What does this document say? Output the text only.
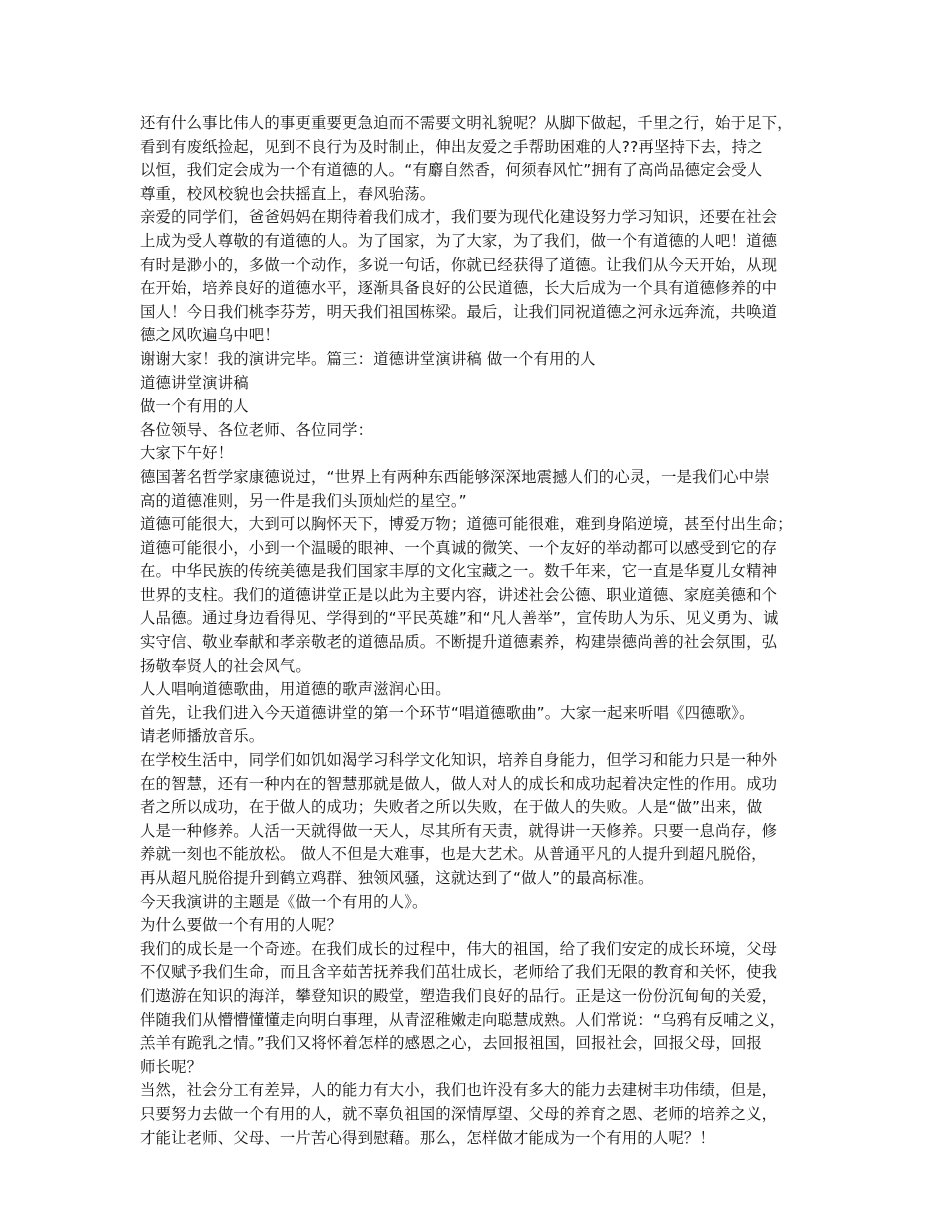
还有什么事比伟人的事更重要更急迫而不需要文明礼貌呢？从脚下做起，千里之行，始于足下，
看到有废纸捡起，见到不良行为及时制止，伸出友爱之手帮助困难的人??再坚持下去，持之
以恒，我们定会成为一个有道德的人。“有麝自然香，何须春风忙”拥有了高尚品德定会受人
尊重，校风校貌也会扶摇直上，春风骀荡。
亲爱的同学们，爸爸妈妈在期待着我们成才，我们要为现代化建设努力学习知识，还要在社会
上成为受人尊敬的有道德的人。为了国家，为了大家，为了我们，做一个有道德的人吧！道德
有时是渺小的，多做一个动作，多说一句话，你就已经获得了道德。让我们从今天开始，从现
在开始，培养良好的道德水平，逐渐具备良好的公民道德，长大后成为一个具有道德修养的中
国人！今日我们桃李芬芳，明天我们祖国栋梁。最后，让我们同祝道德之河永远奔流，共唤道
德之风吹遍乌中吧！
谢谢大家！我的演讲完毕。篇三：道德讲堂演讲稿 做一个有用的人
道德讲堂演讲稿
做一个有用的人
各位领导、各位老师、各位同学：
大家下午好！
德国著名哲学家康德说过，“世界上有两种东西能够深深地震撼人们的心灵，一是我们心中崇
高的道德准则，另一件是我们头顶灿烂的星空。”
道德可能很大，大到可以胸怀天下，博爱万物；道德可能很难，难到身陷逆境，甚至付出生命；
道德可能很小，小到一个温暖的眼神、一个真诚的微笑、一个友好的举动都可以感受到它的存
在。中华民族的传统美德是我们国家丰厚的文化宝藏之一。数千年来，它一直是华夏儿女精神
世界的支柱。我们的道德讲堂正是以此为主要内容，讲述社会公德、职业道德、家庭美德和个
人品德。通过身边看得见、学得到的“平民英雄”和“凡人善举”，宣传助人为乐、见义勇为、诚
实守信、敬业奉献和孝亲敬老的道德品质。不断提升道德素养，构建崇德尚善的社会氛围，弘
扬敬奉贤人的社会风气。
人人唱响道德歌曲，用道德的歌声滋润心田。
首先，让我们进入今天道德讲堂的第一个环节“唱道德歌曲”。大家一起来听唱《四德歌》。
请老师播放音乐。
在学校生活中，同学们如饥如渴学习科学文化知识，培养自身能力，但学习和能力只是一种外
在的智慧，还有一种内在的智慧那就是做人，做人对人的成长和成功起着决定性的作用。成功
者之所以成功，在于做人的成功；失败者之所以失败，在于做人的失败。人是“做”出来，做
人是一种修养。人活一天就得做一天人，尽其所有天责，就得讲一天修养。只要一息尚存，修
养就一刻也不能放松。 做人不但是大难事，也是大艺术。从普通平凡的人提升到超凡脱俗，
再从超凡脱俗提升到鹤立鸡群、独领风骚，这就达到了“做人”的最高标准。
今天我演讲的主题是《做一个有用的人》。
为什么要做一个有用的人呢？
我们的成长是一个奇迹。在我们成长的过程中，伟大的祖国，给了我们安定的成长环境，父母
不仅赋予我们生命，而且含辛茹苦抚养我们茁壮成长，老师给了我们无限的教育和关怀，使我
们遨游在知识的海洋，攀登知识的殿堂，塑造我们良好的品行。正是这一份份沉甸甸的关爱，
伴随我们从懵懵懂懂走向明白事理，从青涩稚嫩走向聪慧成熟。人们常说：“乌鸦有反哺之义，
羔羊有跪乳之情。”我们又将怀着怎样的感恩之心，去回报祖国，回报社会，回报父母，回报
师长呢？
当然，社会分工有差异，人的能力有大小，我们也许没有多大的能力去建树丰功伟绩，但是，
只要努力去做一个有用的人，就不辜负祖国的深情厚望、父母的养育之恩、老师的培养之义，
才能让老师、父母、一片苦心得到慰藉。那么，怎样做才能成为一个有用的人呢？！
